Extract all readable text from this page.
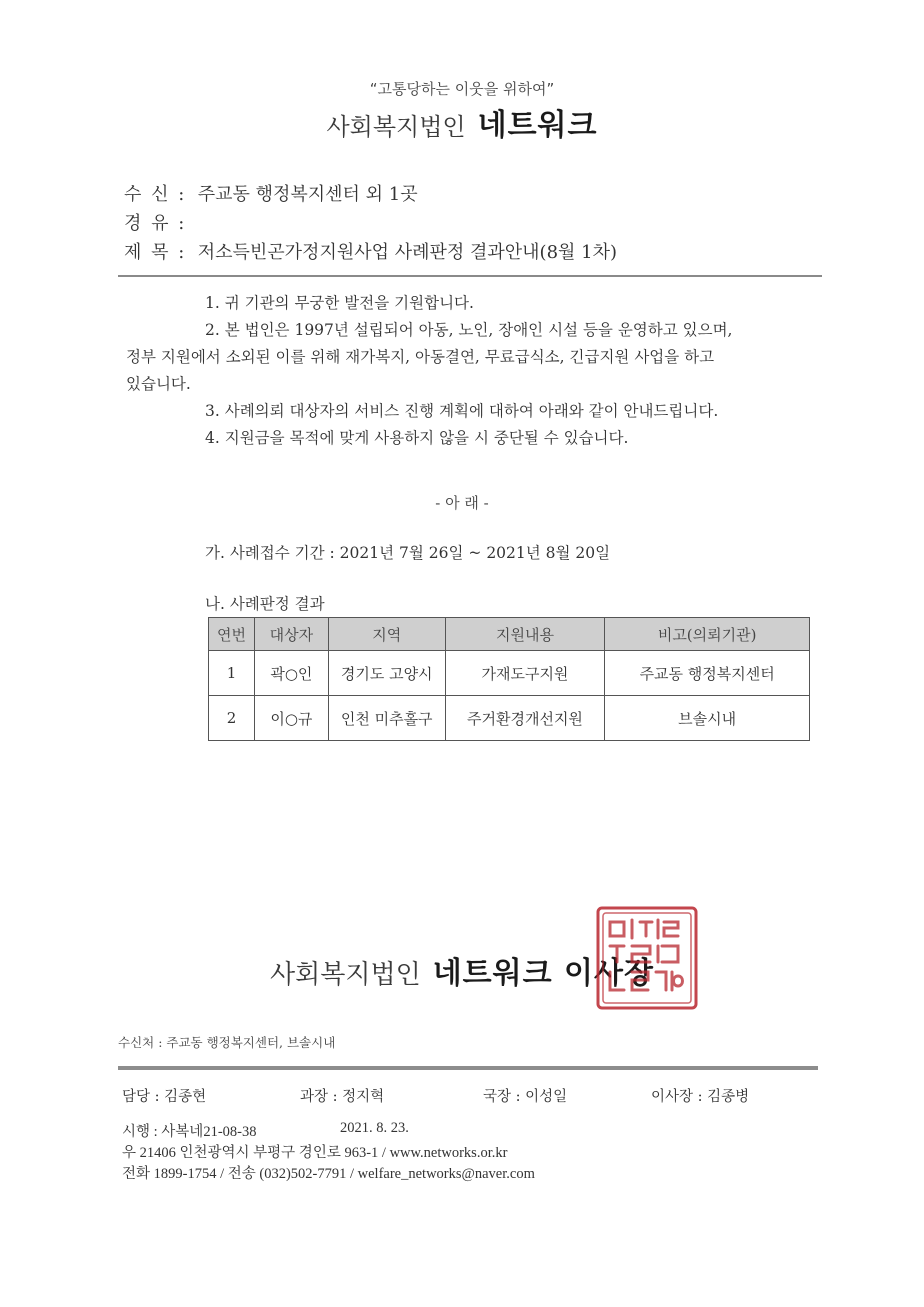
“고통당하는 이웃을 위하여”
사회복지법인 네트워크
수 신 : 주교동 행정복지센터 외 1곳
경 유 :
제 목 : 저소득빈곤가정지원사업 사례판정 결과안내(8월 1차)
1. 귀 기관의 무궁한 발전을 기원합니다.
2. 본 법인은 1997년 설립되어 아동, 노인, 장애인 시설 등을 운영하고 있으며,
정부 지원에서 소외된 이를 위해 재가복지, 아동결연, 무료급식소, 긴급지원 사업을 하고
있습니다.
3. 사례의뢰 대상자의 서비스 진행 계획에 대하여 아래와 같이 안내드립니다.
4. 지원금을 목적에 맞게 사용하지 않을 시 중단될 수 있습니다.
- 아 래 -
가. 사례접수 기간 : 2021년 7월 26일 ~ 2021년 8월 20일
나. 사례판정 결과
연번	대상자	지역	지원내용	비고(의뢰기관)
1	곽○인	경기도 고양시	가재도구지원	주교동 행정복지센터
2	이○규	인천 미추홀구	주거환경개선지원	브솔시내
사회복지법인 네트워크 이사장
수신처 : 주교동 행정복지센터, 브솔시내
담당 : 김종현	과장 : 정지혁	국장 : 이성일	이사장 : 김종병
시행 : 사복네21-08-38	2021. 8. 23.
우 21406 인천광역시 부평구 경인로 963-1 / www.networks.or.kr
전화 1899-1754 / 전송 (032)502-7791 / welfare_networks@naver.com
